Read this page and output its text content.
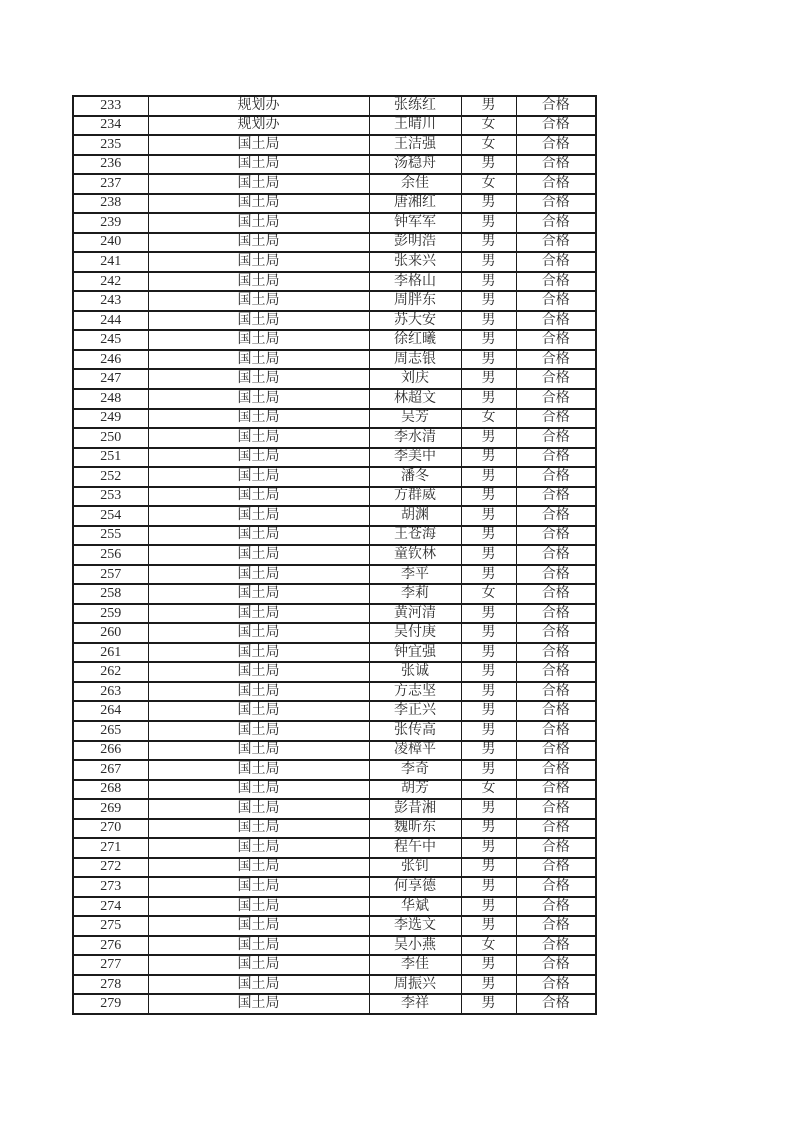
233	规划办	张练红	男	合格
234	规划办	王晴川	女	合格
235	国土局	王洁强	女	合格
236	国土局	汤稳舟	男	合格
237	国土局	余佳	女	合格
238	国土局	唐湘红	男	合格
239	国土局	钟军军	男	合格
240	国土局	彭明浩	男	合格
241	国土局	张来兴	男	合格
242	国土局	李格山	男	合格
243	国土局	周胖东	男	合格
244	国土局	苏大安	男	合格
245	国土局	徐红曦	男	合格
246	国土局	周志银	男	合格
247	国土局	刘庆	男	合格
248	国土局	林超文	男	合格
249	国土局	吴芳	女	合格
250	国土局	李水清	男	合格
251	国土局	李美中	男	合格
252	国土局	潘冬	男	合格
253	国土局	方群威	男	合格
254	国土局	胡渊	男	合格
255	国土局	王苍海	男	合格
256	国土局	童钦林	男	合格
257	国土局	李平	男	合格
258	国土局	李莉	女	合格
259	国土局	黄河清	男	合格
260	国土局	吴付庚	男	合格
261	国土局	钟宜强	男	合格
262	国土局	张诚	男	合格
263	国土局	方志坚	男	合格
264	国土局	李正兴	男	合格
265	国土局	张传高	男	合格
266	国土局	凌樟平	男	合格
267	国土局	李奇	男	合格
268	国土局	胡芳	女	合格
269	国土局	彭昔湘	男	合格
270	国土局	魏昕东	男	合格
271	国土局	程午中	男	合格
272	国土局	张钊	男	合格
273	国土局	何享德	男	合格
274	国土局	华斌	男	合格
275	国土局	李选文	男	合格
276	国土局	吴小燕	女	合格
277	国土局	李佳	男	合格
278	国土局	周振兴	男	合格
279	国土局	李祥	男	合格
